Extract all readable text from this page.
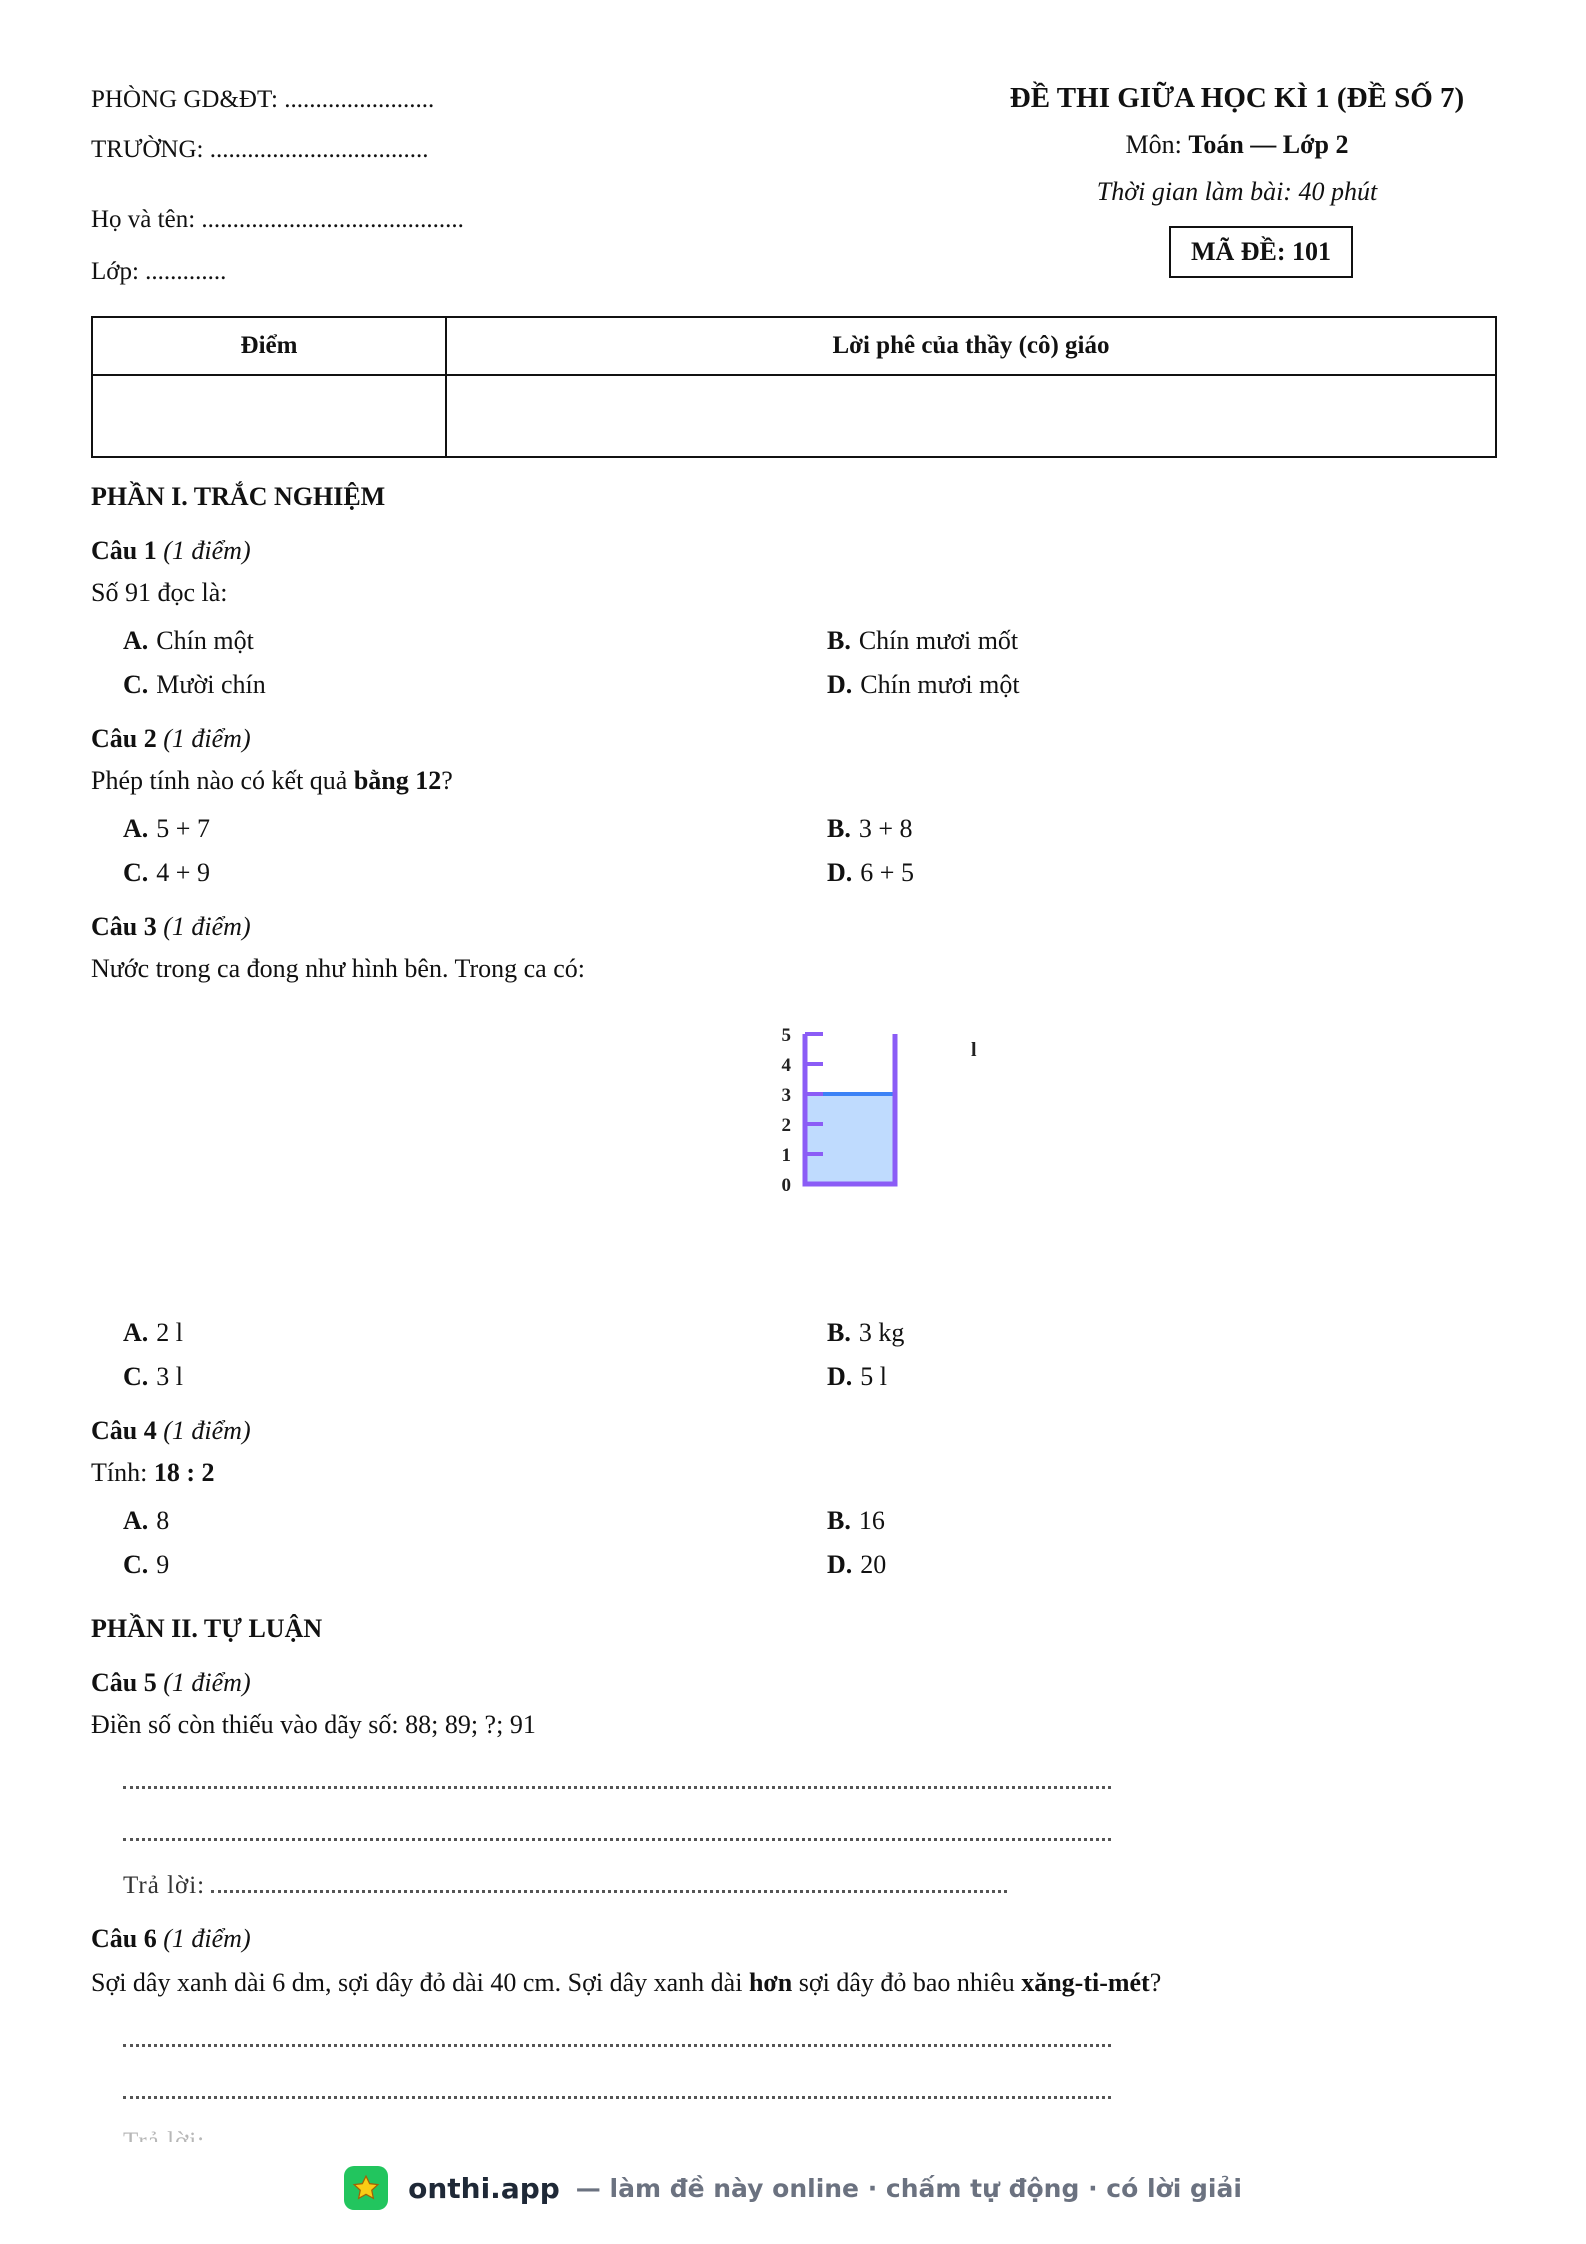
PHÒNG GD&ĐT: ........................
TRƯỜNG: ...................................
Họ và tên: ..........................................
Lớp: .............
ĐỀ THI GIỮA HỌC KÌ 1 (ĐỀ SỐ 7)
Môn: Toán — Lớp 2
Thời gian làm bài: 40 phút
MÃ ĐỀ: 101
Điểm	Lời phê của thầy (cô) giáo

PHẦN I. TRẮC NGHIỆM
Câu 1 (1 điểm)
Số 91 đọc là:
A. Chín một	B. Chín mươi mốt
C. Mười chín	D. Chín mươi một
Câu 2 (1 điểm)
Phép tính nào có kết quả bằng 12?
A. 5 + 7	B. 3 + 8
C. 4 + 9	D. 6 + 5
Câu 3 (1 điểm)
Nước trong ca đong như hình bên. Trong ca có:
0
1
2
3
4
5
l
A. 2 l	B. 3 kg
C. 3 l	D. 5 l
Câu 4 (1 điểm)
Tính: 18 : 2
A. 8	B. 16
C. 9	D. 20
PHẦN II. TỰ LUẬN
Câu 5 (1 điểm)
Điền số còn thiếu vào dãy số: 88; 89; ?; 91
Trả lời:
Câu 6 (1 điểm)
Sợi dây xanh dài 6 dm, sợi dây đỏ dài 40 cm. Sợi dây xanh dài hơn sợi dây đỏ bao nhiêu xăng-ti-mét?
onthi.app — làm đề này online · chấm tự động · có lời giải
